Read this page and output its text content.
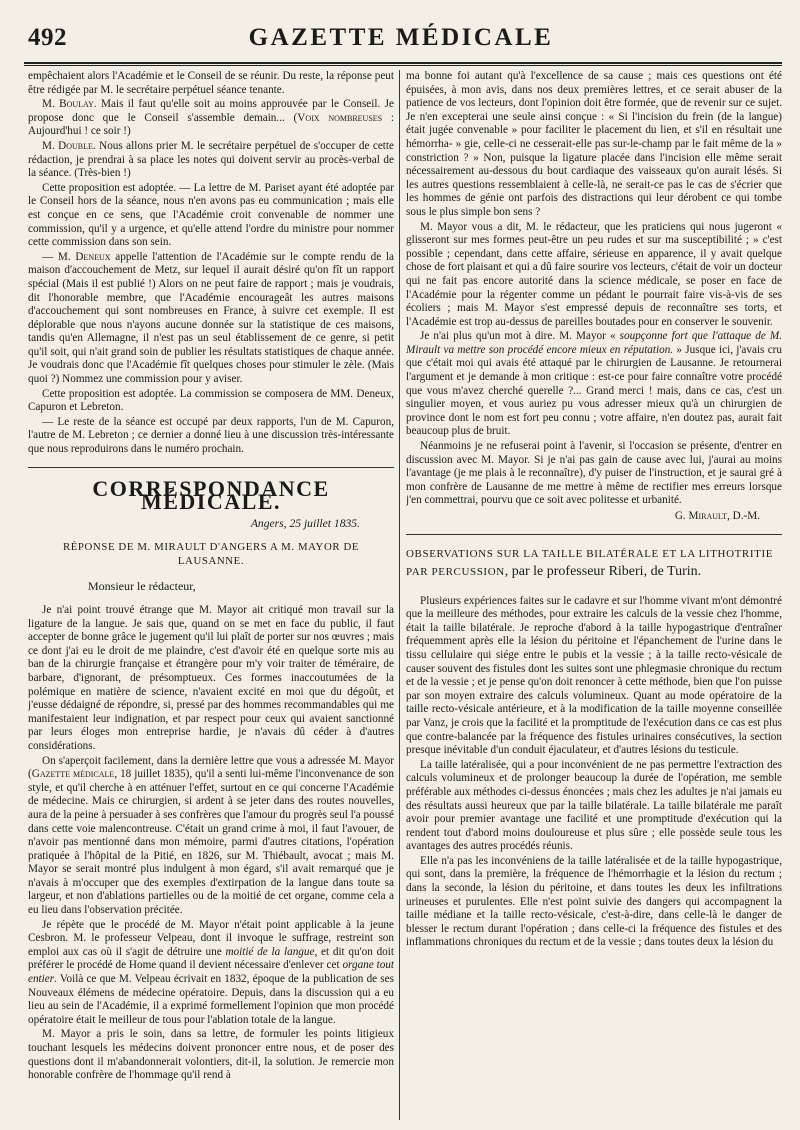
492	GAZETTE MÉDICALE

empêchaient alors l'Académie et le Conseil de se réunir. Du reste, la réponse peut être rédigée par M. le secrétaire perpétuel séance tenante.

M. Boulay. Mais il faut qu'elle soit au moins approuvée par le Conseil. Je propose donc que le Conseil s'assemble demain... (Voix nombreuses : Aujourd'hui ! ce soir !)

M. Double. Nous allons prier M. le secrétaire perpétuel de s'occuper de cette rédaction, je prendrai à sa place les notes qui doivent servir au procès-verbal de la séance. (Très-bien !)

Cette proposition est adoptée. — La lettre de M. Pariset ayant été adoptée par le Conseil hors de la séance, nous n'en avons pas eu communication ; mais elle est conçue en ce sens, que l'Académie croit convenable de nommer une commission, qu'il y a urgence, et qu'elle attend l'ordre du ministre pour nommer cette commission dans son sein.

— M. Deneux appelle l'attention de l'Académie sur le compte rendu de la maison d'accouchement de Metz, sur lequel il aurait désiré qu'on fît un rapport spécial (Mais il est publié !) Alors on ne peut faire de rapport ; mais je voudrais, dit l'honorable membre, que l'Académie encourageât les autres maisons d'accouchement qui sont nombreuses en France, à suivre cet exemple. Il est déplorable que nous n'ayons aucune donnée sur la statistique de ces maisons, tandis qu'en Allemagne, il n'est pas un seul établissement de ce genre, si petit qu'il soit, qui n'ait grand soin de publier les résultats statistiques de chaque année. Je voudrais donc que l'Académie fît quelques choses pour stimuler le zèle. (Mais quoi ?) Nommez une commission pour y aviser.

Cette proposition est adoptée. La commission se composera de MM. Deneux, Capuron et Lebreton.

— Le reste de la séance est occupé par deux rapports, l'un de M. Capuron, l'autre de M. Lebreton ; ce dernier a donné lieu à une discussion très-intéressante que nous reproduirons dans le numéro prochain.

CORRESPONDANCE MÉDICALE.

Angers, 25 juillet 1835.

RÉPONSE DE M. MIRAULT D'ANGERS A M. MAYOR DE LAUSANNE.

Monsieur le rédacteur,

Je n'ai point trouvé étrange que M. Mayor ait critiqué mon travail sur la ligature de la langue. Je sais que, quand on se met en face du public, il faut accepter de bonne grâce le jugement qu'il lui plaît de porter sur nos œuvres ; mais ce dont j'ai eu le droit de me plaindre, c'est d'avoir été en quelque sorte mis au ban de la chirurgie française et étrangère pour m'y voir traiter de téméraire, de barbare, d'ignorant, de présomptueux. Ces formes inaccoutumées de la polémique en matière de science, n'avaient excité en moi que du dégoût, et j'eusse dédaigné de répondre, si, pressé par des hommes recommandables qui me manifestaient leur indignation, et par respect pour ceux qui avaient sanctionné par leurs éloges mon entreprise hardie, je n'avais dû céder à d'autres considérations.

On s'aperçoit facilement, dans la dernière lettre que vous a adressée M. Mayor (Gazette médicale, 18 juillet 1835), qu'il a senti lui-même l'inconvenance de son style, et qu'il cherche à en atténuer l'effet, surtout en ce qui concerne l'Académie de médecine. Mais ce chirurgien, si ardent à se jeter dans des routes nouvelles, aura de la peine à persuader à ses confrères que l'amour du progrès seul l'a poussé dans cette voie malencontreuse. C'était un grand crime à moi, il faut l'avouer, de n'avoir pas mentionné dans mon mémoire, parmi d'autres citations, l'opération pratiquée à l'hôpital de la Pitié, en 1826, sur M. Thiébault, avocat ; mais M. Mayor se serait montré plus indulgent à mon égard, s'il avait remarqué que je n'avais à m'occuper que des exemples d'extirpation de la langue dans toute sa largeur, et non d'ablations partielles ou de la moitié de cet organe, comme cela a eu lieu dans l'observation précitée.

Je répète que le procédé de M. Mayor n'était point applicable à la jeune Cesbron. M. le professeur Velpeau, dont il invoque le suffrage, restreint son emploi aux cas où il s'agit de détruire une moitié de la langue, et dit qu'on doit préférer le procédé de Home quand il devient nécessaire d'enlever cet organe tout entier. Voilà ce que M. Velpeau écrivait en 1832, époque de la publication de ses Nouveaux élémens de médecine opératoire. Depuis, dans la discussion qui a eu lieu au sein de l'Académie, il a exprimé formellement l'opinion que mon procédé opératoire était le meilleur de tous pour l'ablation totale de la langue.

M. Mayor a pris le soin, dans sa lettre, de formuler les points litigieux touchant lesquels les médecins doivent prononcer entre nous, et de poser des questions dont il m'abandonnerait volontiers, dit-il, la solution. Je remercie mon honorable confrère de l'hommage qu'il rend à

ma bonne foi autant qu'à l'excellence de sa cause ; mais ces questions ont été épuisées, à mon avis, dans nos deux premières lettres, et ce serait abuser de la patience de vos lecteurs, dont l'opinion doit être formée, que de revenir sur ce sujet. Je n'en excepterai une seule ainsi conçue : « Si l'incision du frein (de la langue) était jugée convenable » pour faciliter le placement du lien, et s'il en résultait une hémorrha- » gie, celle-ci ne cesserait-elle pas sur-le-champ par le fait même de la » constriction ? » Non, puisque la ligature placée dans l'incision elle même serait nécessairement au-dessous du bout cardiaque des vaisseaux qu'on aurait lésés. Si les autres questions ressemblaient à celle-là, ne serait-ce pas le cas de s'écrier que les hommes de génie ont parfois des distractions qui leur dérobent ce qui tombe sous le plus simple bon sens ?

M. Mayor vous a dit, M. le rédacteur, que les praticiens qui nous jugeront « glisseront sur mes formes peut-être un peu rudes et sur ma susceptibilité ; » c'est possible ; cependant, dans cette affaire, sérieuse en apparence, il y avait quelque chose de fort plaisant et qui a dû faire sourire vos lecteurs, c'était de voir un docteur qui ne fait pas encore autorité dans la science médicale, se poser en face de l'Académie pour la régenter comme un pédant le pourrait faire vis-à-vis de ses écoliers ; mais M. Mayor s'est empressé depuis de reconnaître ses torts, et l'Académie est trop au-dessus de pareilles boutades pour en conserver le souvenir.

Je n'ai plus qu'un mot à dire. M. Mayor « soupçonne fort que l'attaque de M. Mirault va mettre son procédé encore mieux en réputation. » Jusque ici, j'avais cru que c'était moi qui avais été attaqué par le chirurgien de Lausanne. Je retournerai l'argument et je demande à mon critique : est-ce pour faire connaître votre procédé que vous m'avez cherché querelle ?... Grand merci ! mais, dans ce cas, c'est un singulier moyen, et vous auriez pu vous adresser mieux qu'à un chirurgien de province dont le nom est fort peu connu ; votre affaire, n'en doutez pas, aurait fait beaucoup plus de bruit.

Néanmoins je ne refuserai point à l'avenir, si l'occasion se présente, d'entrer en discussion avec M. Mayor. Si je n'ai pas gain de cause avec lui, j'aurai au moins l'avantage (je me plais à le reconnaître), d'y puiser de l'instruction, et je saurai gré à mon confrère de Lausanne de me mettre à même de rectifier mes erreurs lorsque j'en commettrai, pourvu que ce soit avec politesse et urbanité.

G. Mirault, D.-M.

OBSERVATIONS SUR LA TAILLE BILATÉRALE ET LA LITHOTRITIE PAR PERCUSSION, par le professeur Riberi, de Turin.

Plusieurs expériences faites sur le cadavre et sur l'homme vivant m'ont démontré que la meilleure des méthodes, pour extraire les calculs de la vessie chez l'homme, était la taille bilatérale. Je reproche d'abord à la taille hypogastrique d'entraîner fréquemment après elle la lésion du péritoine et l'épanchement de l'urine dans le tissu cellulaire qui siége entre le pubis et la vessie ; à la taille recto-vésicale de causer souvent des fistules dont les suites sont une phlegmasie chronique du rectum et de la vessie ; et je pense qu'on doit renoncer à cette méthode, bien que l'on puisse par son moyen extraire des calculs volumineux. Quant au mode opératoire de la taille recto-vésicale antérieure, et à la modification de la taille moyenne conseillée par Vanz, je crois que la facilité et la promptitude de l'exécution dans ce cas est plus que contre-balancée par la fréquence des fistules urinaires consécutives, la section presque inévitable d'un conduit éjaculateur, et d'autres lésions du testicule.

La taille latéralisée, qui a pour inconvénient de ne pas permettre l'extraction des calculs volumineux et de prolonger beaucoup la durée de l'opération, me semble préférable aux méthodes ci-dessus énoncées ; mais chez les adultes je n'ai jamais eu des résultats aussi heureux que par la taille bilatérale. La taille bilatérale me paraît avoir pour premier avantage une facilité et une promptitude d'exécution qui la rendent tout d'abord moins douloureuse et plus sûre ; elle possède seule tous les avantages des autres procédés réunis.

Elle n'a pas les inconvéniens de la taille latéralisée et de la taille hypogastrique, qui sont, dans la première, la fréquence de l'hémorrhagie et la lésion du rectum ; dans la seconde, la lésion du péritoine, et dans toutes les deux les infiltrations urineuses et purulentes. Elle n'est point suivie des dangers qui accompagnent la taille médiane et la taille recto-vésicale, c'est-à-dire, dans celle-là le danger de blesser le rectum durant l'opération ; dans celle-ci la fréquence des fistules et des inflammations chroniques du rectum et de la vessie ; dans toutes deux la lésion du
